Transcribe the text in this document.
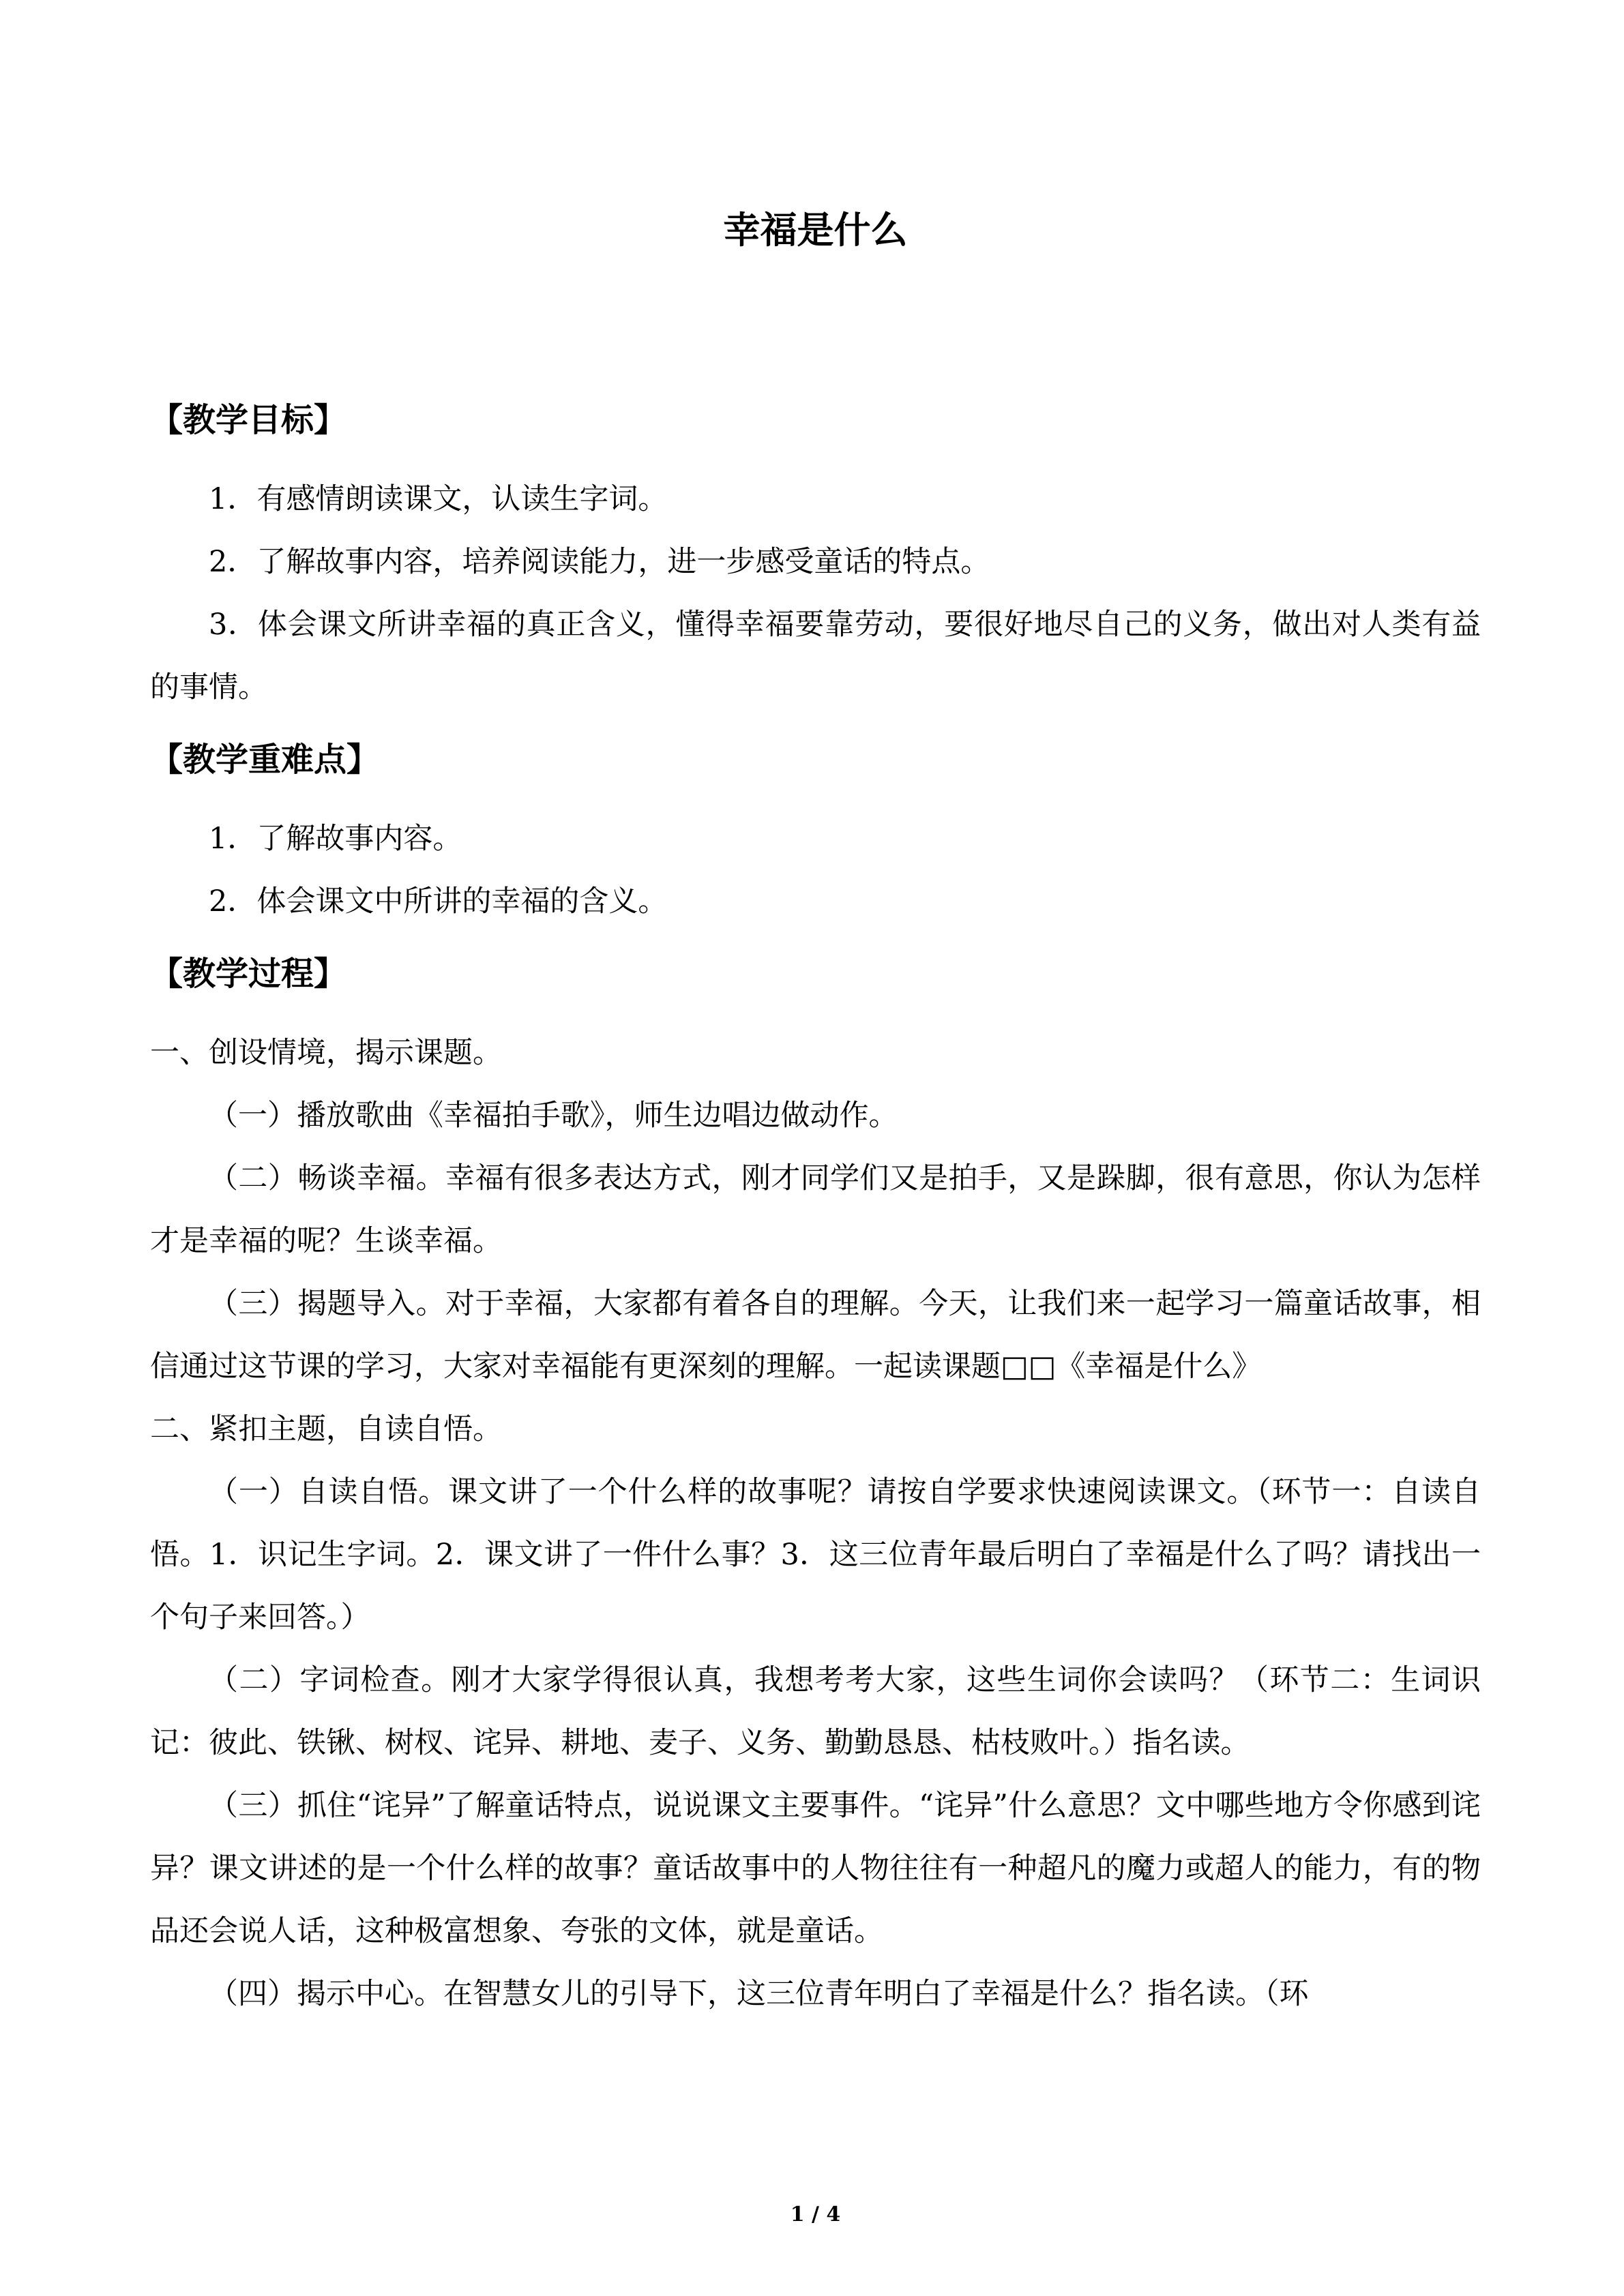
幸福是什么
【教学目标】

1．有感情朗读课文，认读生字词。

2．了解故事内容，培养阅读能力，进一步感受童话的特点。

3．体会课文所讲幸福的真正含义，懂得幸福要靠劳动，要很好地尽自己的义务，做出对人类有益的事情。

【教学重难点】

1．了解故事内容。

2．体会课文中所讲的幸福的含义。

【教学过程】

一、创设情境，揭示课题。

（一）播放歌曲《幸福拍手歌》，师生边唱边做动作。

（二）畅谈幸福。幸福有很多表达方式，刚才同学们又是拍手，又是跺脚，很有意思，你认为怎样才是幸福的呢？生谈幸福。

（三）揭题导入。对于幸福，大家都有着各自的理解。今天，让我们来一起学习一篇童话故事，相信通过这节课的学习，大家对幸福能有更深刻的理解。一起读课题□□《幸福是什么》

二、紧扣主题，自读自悟。

（一）自读自悟。课文讲了一个什么样的故事呢？请按自学要求快速阅读课文。（环节一：自读自悟。1．识记生字词。2．课文讲了一件什么事？3．这三位青年最后明白了幸福是什么了吗？请找出一个句子来回答。）

（二）字词检查。刚才大家学得很认真，我想考考大家，这些生词你会读吗？（环节二：生词识记：彼此、铁锹、树杈、诧异、耕地、麦子、义务、勤勤恳恳、枯枝败叶。）指名读。

（三）抓住“诧异”了解童话特点，说说课文主要事件。“诧异”什么意思？文中哪些地方令你感到诧异？课文讲述的是一个什么样的故事？童话故事中的人物往往有一种超凡的魔力或超人的能力，有的物品还会说人话，这种极富想象、夸张的文体，就是童话。

（四）揭示中心。在智慧女儿的引导下，这三位青年明白了幸福是什么？指名读。（环

1 / 4
